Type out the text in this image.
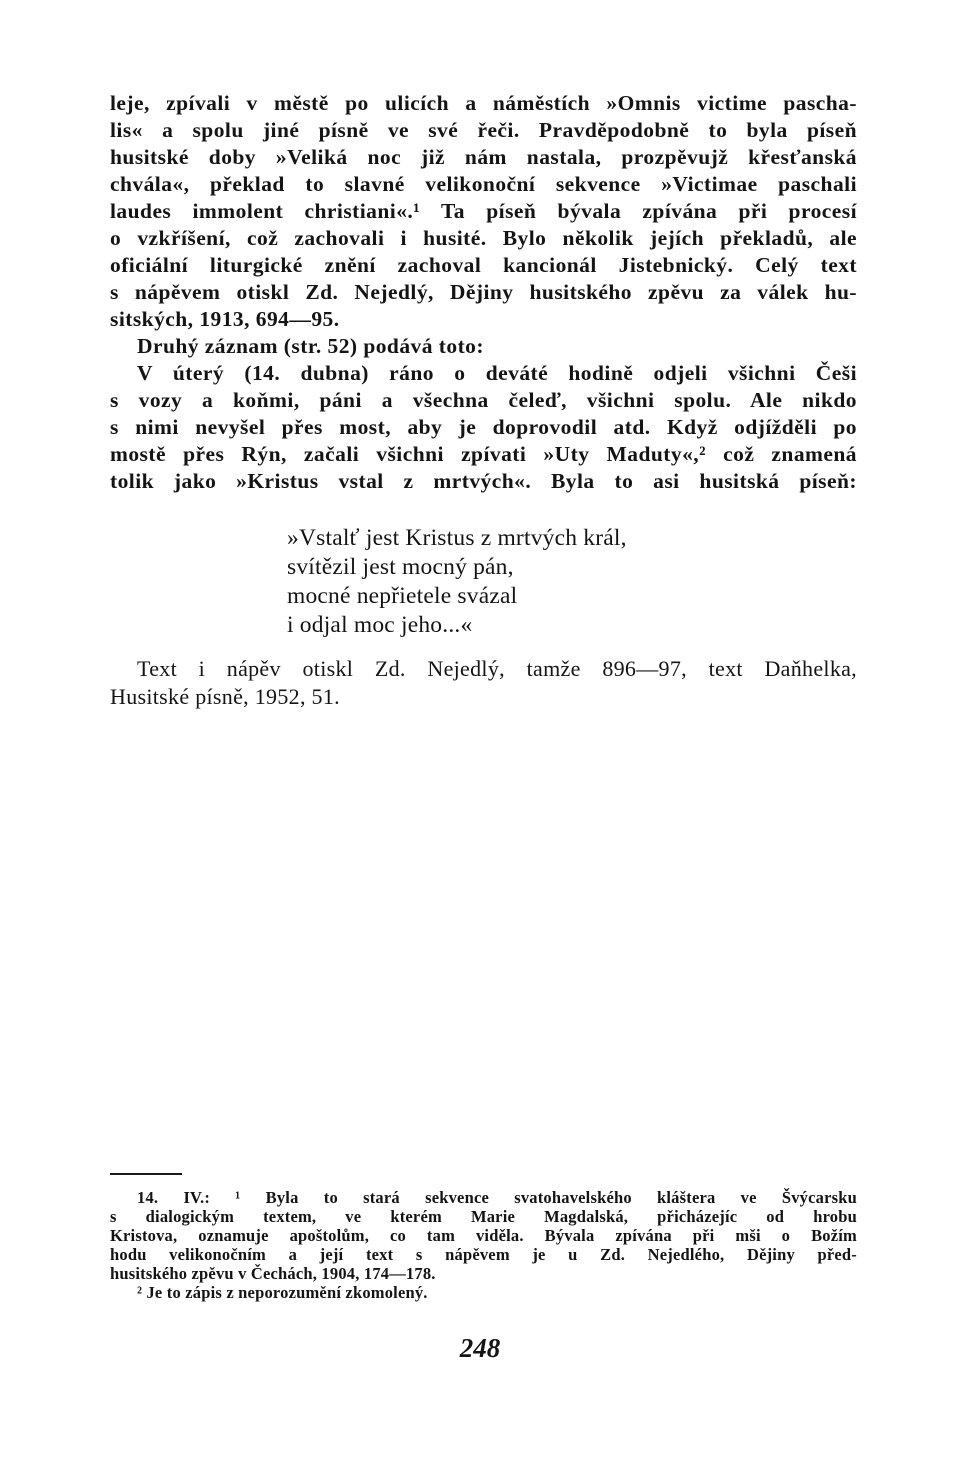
leje, zpívali v městě po ulicích a náměstích »Omnis victime pascha-
lis« a spolu jiné písně ve své řeči. Pravděpodobně to byla píseň
husitské doby »Veliká noc již nám nastala, prozpěvujž křesťanská
chvála«, překlad to slavné velikonoční sekvence »Victimae paschali
laudes immolent christiani«.¹ Ta píseň bývala zpívána při procesí
o vzkříšení, což zachovali i husité. Bylo několik jejích překladů, ale
oficiální liturgické znění zachoval kancionál Jistebnický. Celý text
s nápěvem otiskl Zd. Nejedlý, Dějiny husitského zpěvu za válek hu-
sitských, 1913, 694—95.
Druhý záznam (str. 52) podává toto:
V úterý (14. dubna) ráno o deváté hodině odjeli všichni Češi
s vozy a koňmi, páni a všechna čeleď, všichni spolu. Ale nikdo
s nimi nevyšel přes most, aby je doprovodil atd. Když odjížděli po
mostě přes Rýn, začali všichni zpívati »Uty Maduty«,² což znamená
tolik jako »Kristus vstal z mrtvých«. Byla to asi husitská píseň:
»Vstalť jest Kristus z mrtvých král,
svítězil jest mocný pán,
mocné nepřietele svázal
i odjal moc jeho...«
Text i nápěv otiskl Zd. Nejedlý, tamže 896—97, text Daňhelka,
Husitské písně, 1952, 51.
14. IV.: ¹ Byla to stará sekvence svatohavelského kláštera ve Švýcarsku
s dialogickým textem, ve kterém Marie Magdalská, přicházejíc od hrobu
Kristova, oznamuje apoštolům, co tam viděla. Bývala zpívána při mši o Božím
hodu velikonočním a její text s nápěvem je u Zd. Nejedlého, Dějiny před-
husitského zpěvu v Čechách, 1904, 174—178.
² Je to zápis z neporozumění zkomolený.
248
